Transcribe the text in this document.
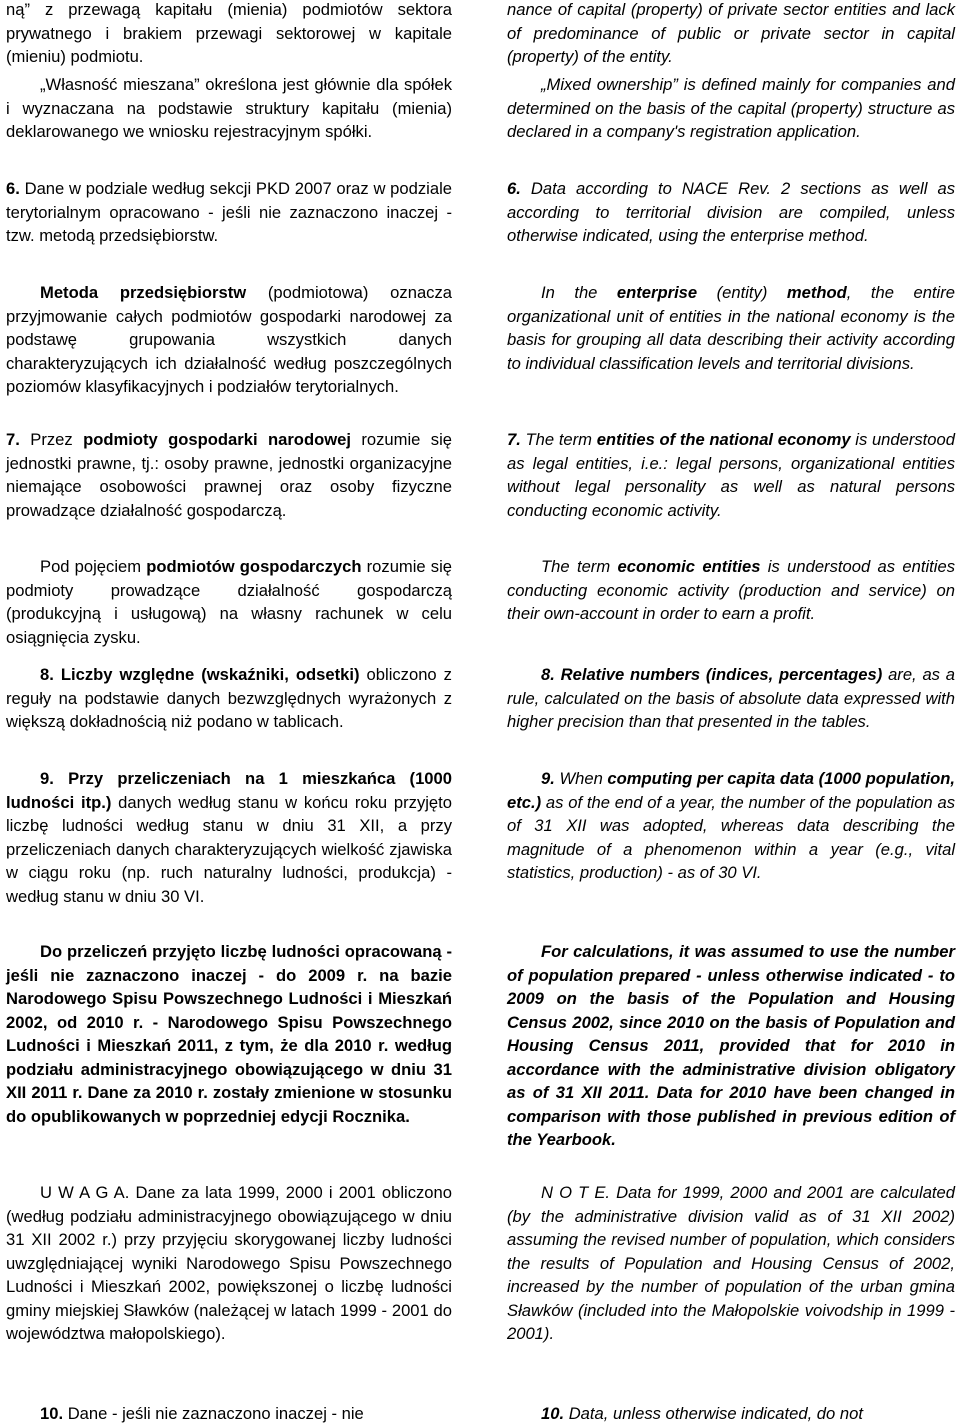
ną” z przewagą kapitału (mienia) podmiotów sektora prywatnego i brakiem przewagi sektorowej w kapitale (mieniu) podmiotu.

„Własność mieszana” określona jest głównie dla spółek i wyznaczana na podstawie struktury kapitału (mienia) deklarowanego we wniosku rejestracyjnym spółki.

6. Dane w podziale według sekcji PKD 2007 oraz w podziale terytorialnym opracowano - jeśli nie zaznaczono inaczej - tzw. metodą przedsiębiorstw.

Metoda przedsiębiorstw (podmiotowa) oznacza przyjmowanie całych podmiotów gospodarki narodowej za podstawę grupowania wszystkich danych charakteryzujących ich działalność według poszczególnych poziomów klasyfikacyjnych i podziałów terytorialnych.

7. Przez podmioty gospodarki narodowej rozumie się jednostki prawne, tj.: osoby prawne, jednostki organizacyjne niemające osobowości prawnej oraz osoby fizyczne prowadzące działalność gospodarczą.

Pod pojęciem podmiotów gospodarczych rozumie się podmioty prowadzące działalność gospodarczą (produkcyjną i usługową) na własny rachunek w celu osiągnięcia zysku.

8. Liczby względne (wskaźniki, odsetki) obliczono z reguły na podstawie danych bezwzględnych wyrażonych z większą dokładnością niż podano w tablicach.

9. Przy przeliczeniach na 1 mieszkańca (1000 ludności itp.) danych według stanu w końcu roku przyjęto liczbę ludności według stanu w dniu 31 XII, a przy przeliczeniach danych charakteryzujących wielkość zjawiska w ciągu roku (np. ruch naturalny ludności, produkcja) - według stanu w dniu 30 VI.

Do przeliczeń przyjęto liczbę ludności opracowaną - jeśli nie zaznaczono inaczej - do 2009 r. na bazie Narodowego Spisu Powszechnego Ludności i Mieszkań 2002, od 2010 r. - Narodowego Spisu Powszechnego Ludności i Mieszkań 2011, z tym, że dla 2010 r. według podziału administracyjnego obowiązującego w dniu 31 XII 2011 r. Dane za 2010 r. zostały zmienione w stosunku do opublikowanych w poprzedniej edycji Rocznika.

U W A G A. Dane za lata 1999, 2000 i 2001 obliczono (według podziału administracyjnego obowiązującego w dniu 31 XII 2002 r.) przy przyjęciu skorygowanej liczby ludności uwzględniającej wyniki Narodowego Spisu Powszechnego Ludności i Mieszkań 2002, powiększonej o liczbę ludności gminy miejskiej Sławków (należącej w latach 1999 - 2001 do województwa małopolskiego).

10. Dane - jeśli nie zaznaczono inaczej - nie

nance of capital (property) of private sector entities and lack of predominance of public or private sector in capital (property) of the entity.

„Mixed ownership” is defined mainly for companies and determined on the basis of the capital (property) structure as declared in a company's registration application.

6. Data according to NACE Rev. 2 sections as well as according to territorial division are compiled, unless otherwise indicated, using the enterprise method.

In the enterprise (entity) method, the entire organizational unit of entities in the national economy is the basis for grouping all data describing their activity according to individual classification levels and territorial divisions.

7. The term entities of the national economy is understood as legal entities, i.e.: legal persons, organizational entities without legal personality as well as natural persons conducting economic activity.

The term economic entities is understood as entities conducting economic activity (production and service) on their own-account in order to earn a profit.

8. Relative numbers (indices, percentages) are, as a rule, calculated on the basis of absolute data expressed with higher precision than that presented in the tables.

9. When computing per capita data (1000 population, etc.) as of the end of a year, the number of the population as of 31 XII was adopted, whereas data describing the magnitude of a phenomenon within a year (e.g., vital statistics, production) - as of 30 VI.

For calculations, it was assumed to use the number of population prepared - unless otherwise indicated - to 2009 on the basis of the Population and Housing Census 2002, since 2010 on the basis of Population and Housing Census 2011, provided that for 2010 in accordance with the administrative division obligatory as of 31 XII 2011. Data for 2010 have been changed in comparison with those published in previous edition of the Yearbook.

N O T E. Data for 1999, 2000 and 2001 are calculated (by the administrative division valid as of 31 XII 2002) assuming the revised number of population, which considers the results of Population and Housing Census of 2002, increased by the number of population of the urban gmina Sławków (included into the Małopolskie voivodship in 1999 - 2001).

10. Data, unless otherwise indicated, do not
